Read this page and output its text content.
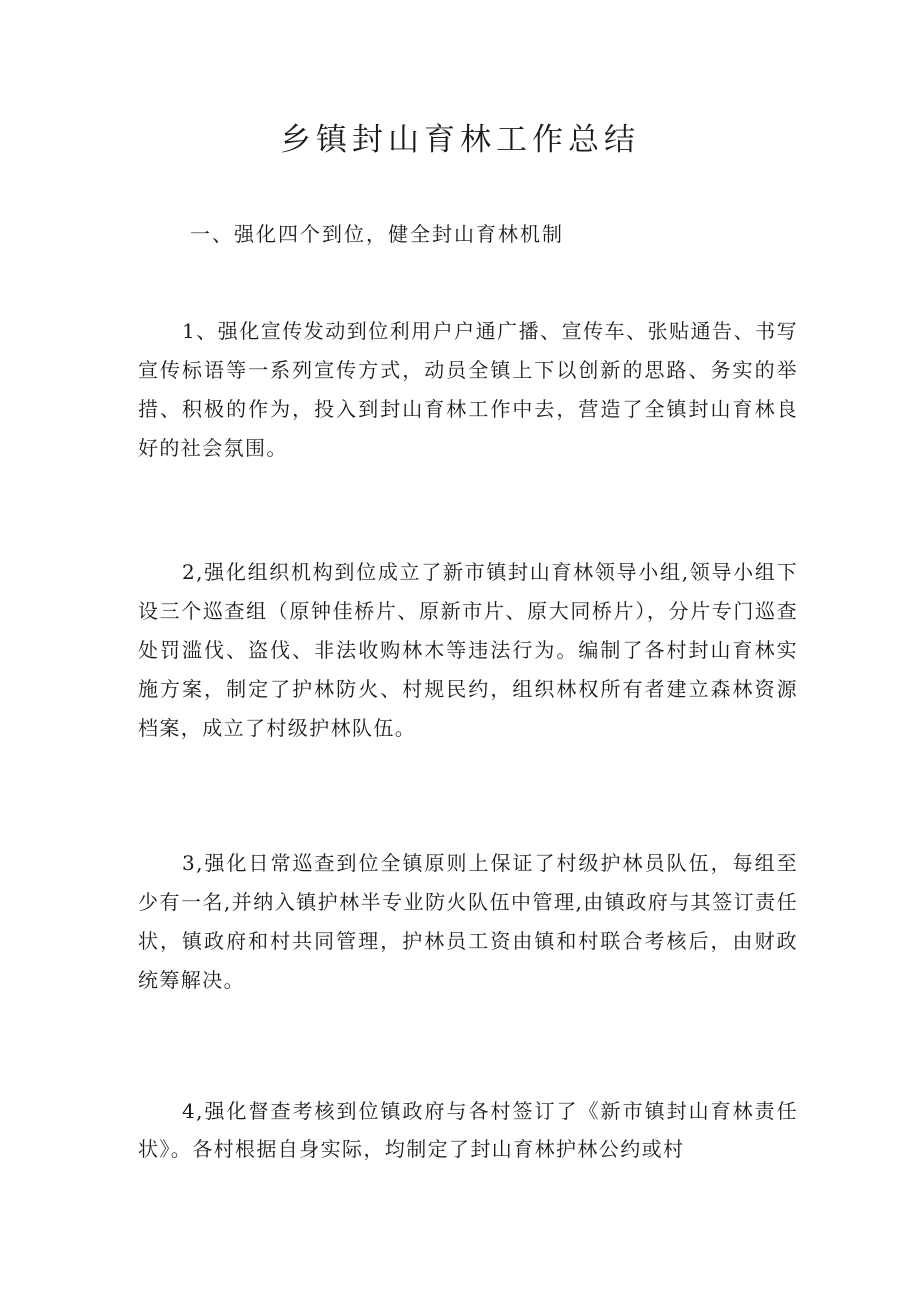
乡镇封山育林工作总结
一、强化四个到位，健全封山育林机制

1、强化宣传发动到位利用户户通广播、宣传车、张贴通告、书写宣传标语等一系列宣传方式，动员全镇上下以创新的思路、务实的举措、积极的作为，投入到封山育林工作中去，营造了全镇封山育林良好的社会氛围。

2,强化组织机构到位成立了新市镇封山育林领导小组,领导小组下设三个巡查组（原钟佳桥片、原新市片、原大同桥片），分片专门巡查处罚滥伐、盗伐、非法收购林木等违法行为。编制了各村封山育林实施方案，制定了护林防火、村规民约，组织林权所有者建立森林资源档案，成立了村级护林队伍。

3,强化日常巡查到位全镇原则上保证了村级护林员队伍，每组至少有一名,并纳入镇护林半专业防火队伍中管理,由镇政府与其签订责任状，镇政府和村共同管理，护林员工资由镇和村联合考核后，由财政统筹解决。

4,强化督查考核到位镇政府与各村签订了《新市镇封山育林责任状》。各村根据自身实际，均制定了封山育林护林公约或村
